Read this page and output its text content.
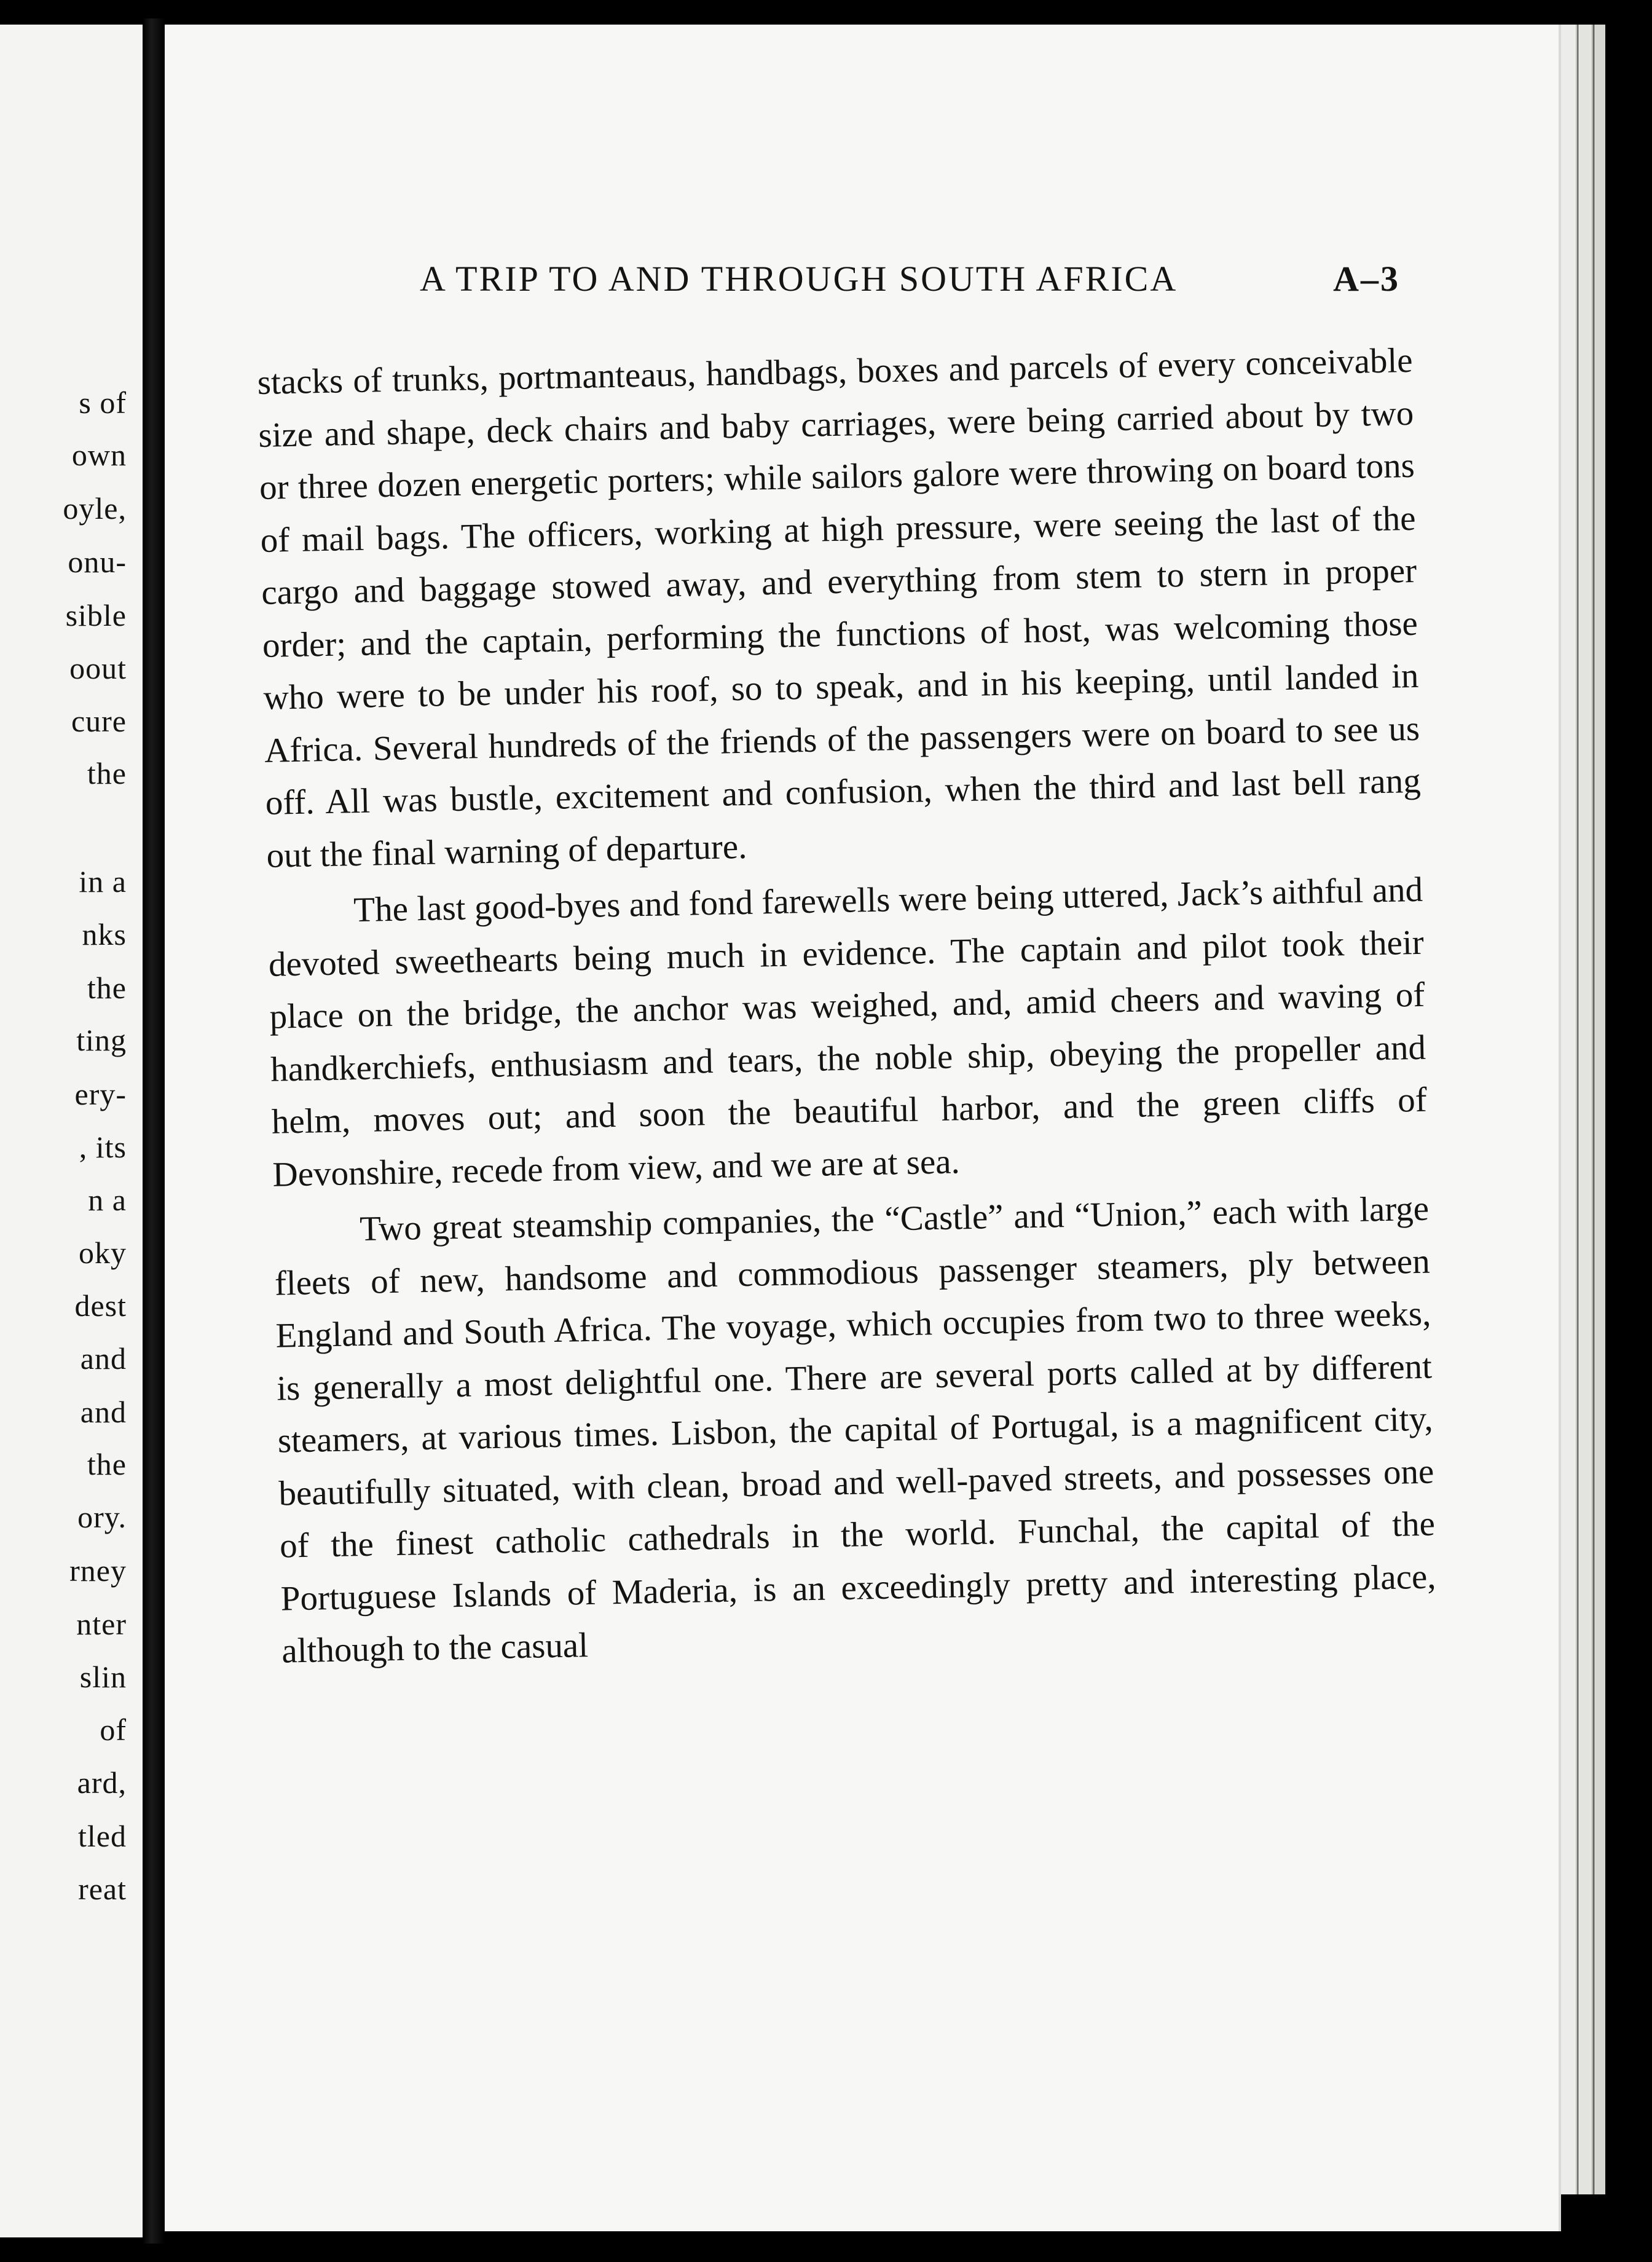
s of
own
oyle,
onu-
sible
oout
cure
the
in a
nks
the
ting
ery-
, its
n a
oky
dest
and
and
the
ory.
rney
nter
slin
of
ard,
tled
reat
A TRIP TO AND THROUGH SOUTH AFRICA	A–3

stacks of trunks, portmanteaus, handbags, boxes and parcels of every conceivable size and shape, deck chairs and baby carriages, were being carried about by two or three dozen energetic porters; while sailors galore were throwing on board tons of mail bags. The officers, working at high pressure, were seeing the last of the cargo and baggage stowed away, and everything from stem to stern in proper order; and the captain, performing the functions of host, was welcoming those who were to be under his roof, so to speak, and in his keeping, until landed in Africa. Several hundreds of the friends of the passengers were on board to see us off. All was bustle, excitement and confusion, when the third and last bell rang out the final warning of departure.

The last good-byes and fond farewells were being uttered, Jack’s aithful and devoted sweethearts being much in evidence. The captain and pilot took their place on the bridge, the anchor was weighed, and, amid cheers and waving of handkerchiefs, enthusiasm and tears, the noble ship, obeying the propeller and helm, moves out; and soon the beautiful harbor, and the green cliffs of Devonshire, recede from view, and we are at sea.

Two great steamship companies, the “Castle” and “Union,” each with large fleets of new, handsome and commodious passenger steamers, ply between England and South Africa. The voyage, which occupies from two to three weeks, is generally a most delightful one. There are several ports called at by different steamers, at various times. Lisbon, the capital of Portugal, is a magnificent city, beautifully situated, with clean, broad and well-paved streets, and possesses one of the finest catholic cathedrals in the world. Funchal, the capital of the Portuguese Islands of Maderia, is an exceedingly pretty and interesting place, although to the casual
